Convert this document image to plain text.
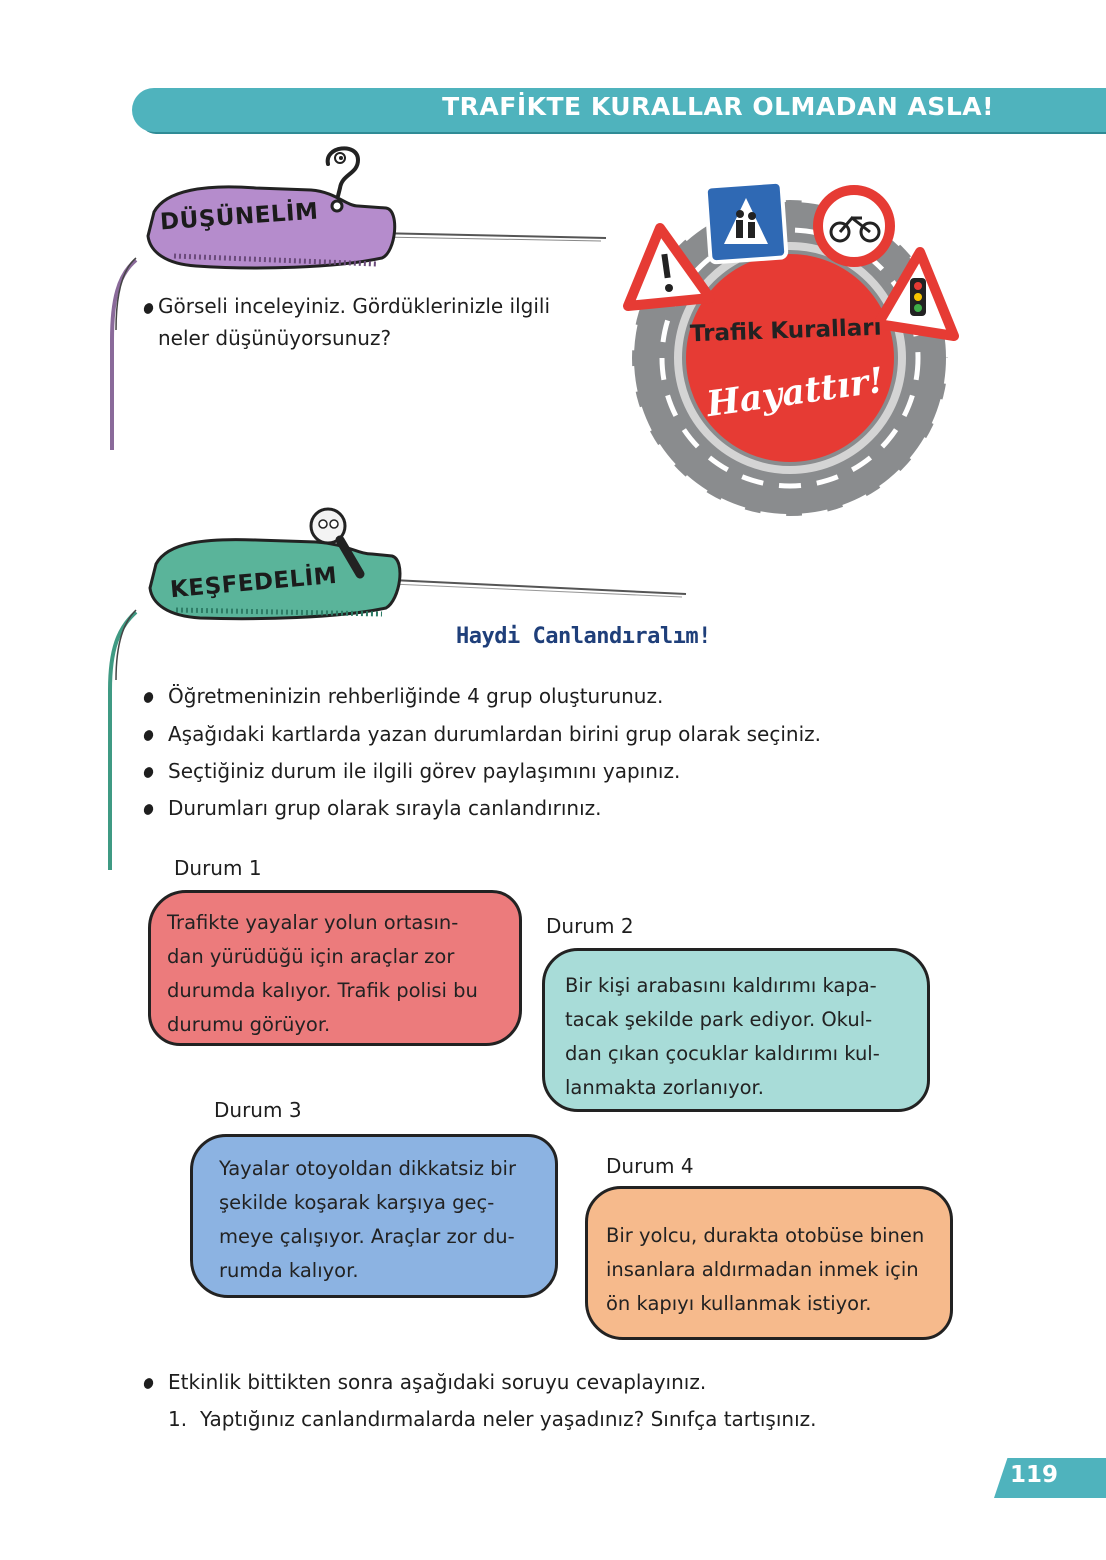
TRAFİKTE KURALLAR OLMADAN ASLA!
DÜŞÜNELİM
Görseli inceleyiniz. Gördüklerinizle ilgili
neler düşünüyorsunuz?	Trafik Kuralları
Hayattır!
KEŞFEDELİM
Haydi Canlandıralım!
Öğretmeninizin rehberliğinde 4 grup oluşturunuz.
Aşağıdaki kartlarda yazan durumlardan birini grup olarak seçiniz.
Seçtiğiniz durum ile ilgili görev paylaşımını yapınız.
Durumları grup olarak sırayla canlandırınız.
Durum 1
Trafikte yayalar yolun ortasın-
dan yürüdüğü için araçlar zor
durumda kalıyor. Trafik polisi bu
durumu görüyor.
Durum 2
Bir kişi arabasını kaldırımı kapa-
tacak şekilde park ediyor. Okul-
dan çıkan çocuklar kaldırımı kul-
lanmakta zorlanıyor.
Durum 3
Yayalar otoyoldan dikkatsiz bir
şekilde koşarak karşıya geç-
meye çalışıyor. Araçlar zor du-
rumda kalıyor.
Durum 4
Bir yolcu, durakta otobüse binen
insanlara aldırmadan inmek için
ön kapıyı kullanmak istiyor.
Etkinlik bittikten sonra aşağıdaki soruyu cevaplayınız.
1. Yaptığınız canlandırmalarda neler yaşadınız? Sınıfça tartışınız.
119
